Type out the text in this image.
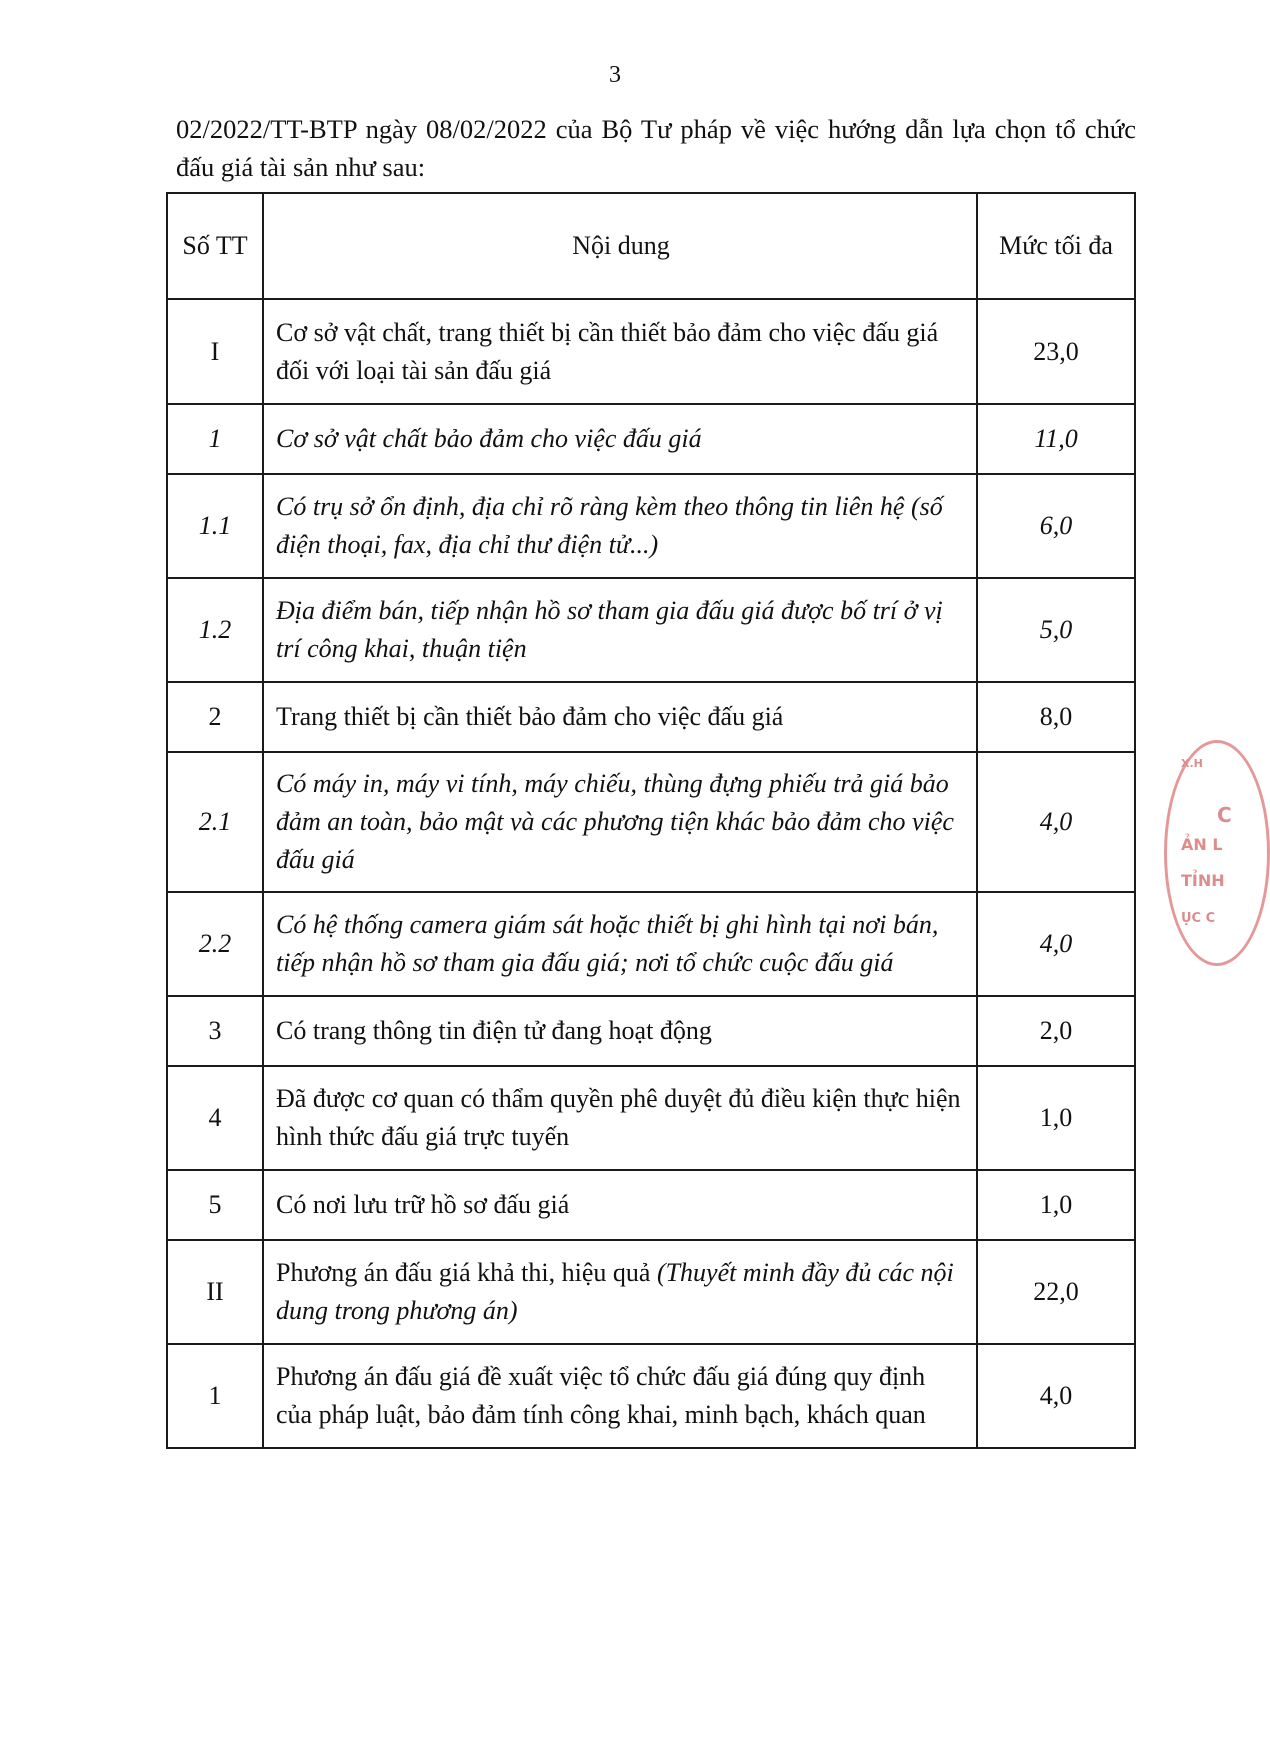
3

02/2022/TT-BTP ngày 08/02/2022 của Bộ Tư pháp về việc hướng dẫn lựa chọn tổ chức đấu giá tài sản như sau:

Số TT	Nội dung	Mức tối đa
I	Cơ sở vật chất, trang thiết bị cần thiết bảo đảm cho việc đấu giá đối với loại tài sản đấu giá	23,0
1	Cơ sở vật chất bảo đảm cho việc đấu giá	11,0
1.1	Có trụ sở ổn định, địa chỉ rõ ràng kèm theo thông tin liên hệ (số điện thoại, fax, địa chỉ thư điện tử...)	6,0
1.2	Địa điểm bán, tiếp nhận hồ sơ tham gia đấu giá được bố trí ở vị trí công khai, thuận tiện	5,0
2	Trang thiết bị cần thiết bảo đảm cho việc đấu giá	8,0
2.1	Có máy in, máy vi tính, máy chiếu, thùng đựng phiếu trả giá bảo đảm an toàn, bảo mật và các phương tiện khác bảo đảm cho việc đấu giá	4,0
2.2	Có hệ thống camera giám sát hoặc thiết bị ghi hình tại nơi bán, tiếp nhận hồ sơ tham gia đấu giá; nơi tổ chức cuộc đấu giá	4,0
3	Có trang thông tin điện tử đang hoạt động	2,0
4	Đã được cơ quan có thẩm quyền phê duyệt đủ điều kiện thực hiện hình thức đấu giá trực tuyến	1,0
5	Có nơi lưu trữ hồ sơ đấu giá	1,0
II	Phương án đấu giá khả thi, hiệu quả (Thuyết minh đầy đủ các nội dung trong phương án)	22,0
1	Phương án đấu giá đề xuất việc tổ chức đấu giá đúng quy định của pháp luật, bảo đảm tính công khai, minh bạch, khách quan	4,0
X.H
C
ẢN L
TỈNH
ỤC C
